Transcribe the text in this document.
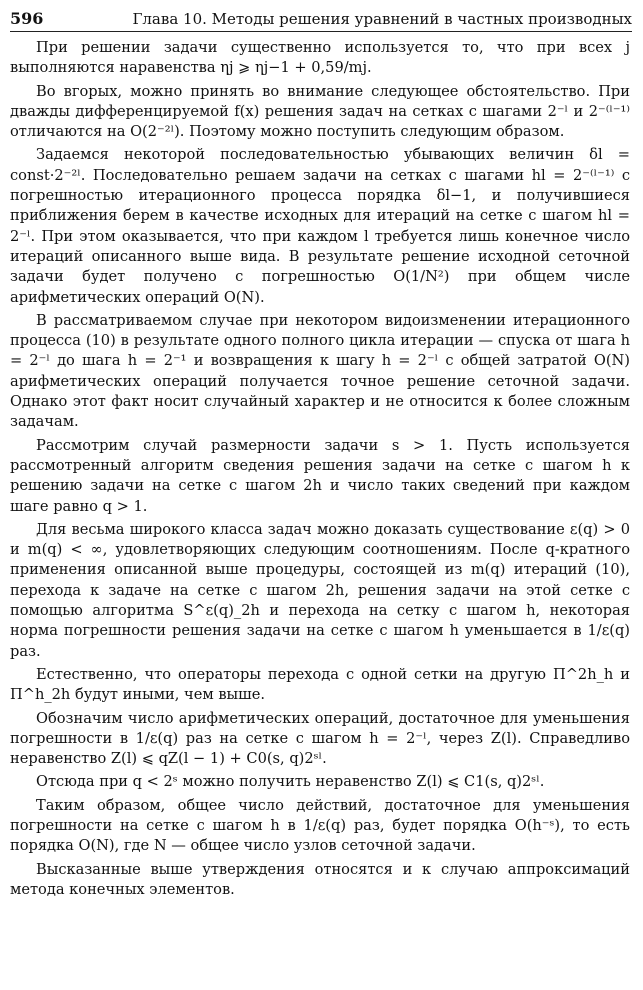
596	Глава 10. Методы решения уравнений в частных производных

При решении задачи существенно используется то, что при всех j выполняются наравенства ηj ⩾ ηj−1 + 0,59/mj.

Во вгорых, можно принять во внимание следующее обстоятельство. При дважды дифференцируемой f(x) решения задач на сетках с шагами 2⁻ˡ и 2⁻⁽ˡ⁻¹⁾ отличаются на O(2⁻²ˡ). Поэтому можно поступить следующим образом.

Задаемся некоторой последовательностью убывающих величин δl = const·2⁻²ˡ. Последовательно решаем задачи на сетках с шагами hl = 2⁻⁽ˡ⁻¹⁾ с погрешностью итерационного процесса порядка δl−1, и получившиеся приближения берем в качестве исходных для итераций на сетке с шагом hl = 2⁻ˡ. При этом оказывается, что при каждом l требуется лишь конечное число итераций описанного выше вида. В результате решение исходной сеточной задачи будет получено с погрешностью O(1/N²) при общем числе арифметических операций O(N).

В рассматриваемом случае при некотором видоизменении итерационного процесса (10) в результате одного полного цикла итерации — спуска от шага h = 2⁻ˡ до шага h = 2⁻¹ и возвращения к шагу h = 2⁻ˡ с общей затратой O(N) арифметических операций получается точное решение сеточной задачи. Однако этот факт носит случайный характер и не относится к более сложным задачам.

Рассмотрим случай размерности задачи s > 1. Пусть используется рассмотренный алгоритм сведения решения задачи на сетке с шагом h к решению задачи на сетке с шагом 2h и число таких сведений при каждом шаге равно q > 1.

Для весьма широкого класса задач можно доказать существование ε(q) > 0 и m(q) < ∞, удовлетворяющих следующим соотношениям. После q-кратного применения описанной выше процедуры, состоящей из m(q) итераций (10), перехода к задаче на сетке с шагом 2h, решения задачи на этой сетке с помощью алгоритма S^ε(q)_2h и перехода на сетку с шагом h, некоторая норма погрешности решения задачи на сетке с шагом h уменьшается в 1/ε(q) раз.

Естественно, что операторы перехода с одной сетки на другую Π^2h_h и Π^h_2h будут иными, чем выше.

Обозначим число арифметических операций, достаточное для уменьшения погрешности в 1/ε(q) раз на сетке с шагом h = 2⁻ˡ, через Z(l). Справедливо неравенство Z(l) ⩽ qZ(l − 1) + C0(s, q)2ˢˡ.

Отсюда при q < 2ˢ можно получить неравенство Z(l) ⩽ C1(s, q)2ˢˡ.

Таким образом, общее число действий, достаточное для уменьшения погрешности на сетке с шагом h в 1/ε(q) раз, будет порядка O(h⁻ˢ), то есть порядка O(N), где N — общее число узлов сеточной задачи.

Высказанные выше утверждения относятся и к случаю аппроксимаций метода конечных элементов.
